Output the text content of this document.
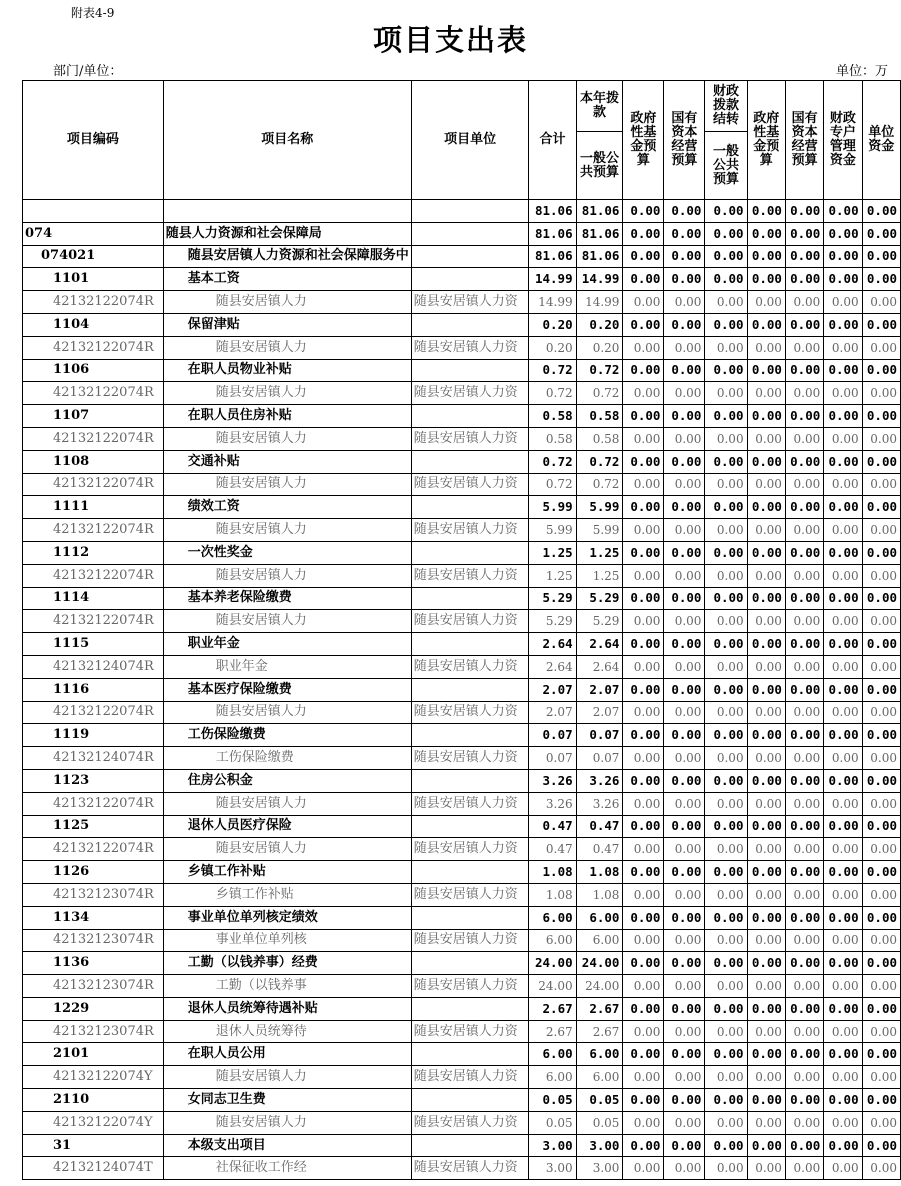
附表4-9
项目支出表
部门/单位：	单位：万
项目编码	项目名称	项目单位	合计	本年拨款	政府性基金预算	国有资本经营预算	财政拨款结转	政府性基金预算	国有资本经营预算	财政专户管理资金	单位资金
				一般公共预算			一般公共预算				

			81.06	81.06	0.00	0.00	0.00	0.00	0.00	0.00	0.00
074	随县人力资源和社会保障局		81.06	81.06	0.00	0.00	0.00	0.00	0.00	0.00	0.00
074021	随县安居镇人力资源和社会保障服务中		81.06	81.06	0.00	0.00	0.00	0.00	0.00	0.00	0.00
1101	基本工资		14.99	14.99	0.00	0.00	0.00	0.00	0.00	0.00	0.00
42132122074R	随县安居镇人力	随县安居镇人力资	14.99	14.99	0.00	0.00	0.00	0.00	0.00	0.00	0.00
1104	保留津贴		0.20	0.20	0.00	0.00	0.00	0.00	0.00	0.00	0.00
42132122074R	随县安居镇人力	随县安居镇人力资	0.20	0.20	0.00	0.00	0.00	0.00	0.00	0.00	0.00
1106	在职人员物业补贴		0.72	0.72	0.00	0.00	0.00	0.00	0.00	0.00	0.00
42132122074R	随县安居镇人力	随县安居镇人力资	0.72	0.72	0.00	0.00	0.00	0.00	0.00	0.00	0.00
1107	在职人员住房补贴		0.58	0.58	0.00	0.00	0.00	0.00	0.00	0.00	0.00
42132122074R	随县安居镇人力	随县安居镇人力资	0.58	0.58	0.00	0.00	0.00	0.00	0.00	0.00	0.00
1108	交通补贴		0.72	0.72	0.00	0.00	0.00	0.00	0.00	0.00	0.00
42132122074R	随县安居镇人力	随县安居镇人力资	0.72	0.72	0.00	0.00	0.00	0.00	0.00	0.00	0.00
1111	绩效工资		5.99	5.99	0.00	0.00	0.00	0.00	0.00	0.00	0.00
42132122074R	随县安居镇人力	随县安居镇人力资	5.99	5.99	0.00	0.00	0.00	0.00	0.00	0.00	0.00
1112	一次性奖金		1.25	1.25	0.00	0.00	0.00	0.00	0.00	0.00	0.00
42132122074R	随县安居镇人力	随县安居镇人力资	1.25	1.25	0.00	0.00	0.00	0.00	0.00	0.00	0.00
1114	基本养老保险缴费		5.29	5.29	0.00	0.00	0.00	0.00	0.00	0.00	0.00
42132122074R	随县安居镇人力	随县安居镇人力资	5.29	5.29	0.00	0.00	0.00	0.00	0.00	0.00	0.00
1115	职业年金		2.64	2.64	0.00	0.00	0.00	0.00	0.00	0.00	0.00
42132124074R	职业年金	随县安居镇人力资	2.64	2.64	0.00	0.00	0.00	0.00	0.00	0.00	0.00
1116	基本医疗保险缴费		2.07	2.07	0.00	0.00	0.00	0.00	0.00	0.00	0.00
42132122074R	随县安居镇人力	随县安居镇人力资	2.07	2.07	0.00	0.00	0.00	0.00	0.00	0.00	0.00
1119	工伤保险缴费		0.07	0.07	0.00	0.00	0.00	0.00	0.00	0.00	0.00
42132124074R	工伤保险缴费	随县安居镇人力资	0.07	0.07	0.00	0.00	0.00	0.00	0.00	0.00	0.00
1123	住房公积金		3.26	3.26	0.00	0.00	0.00	0.00	0.00	0.00	0.00
42132122074R	随县安居镇人力	随县安居镇人力资	3.26	3.26	0.00	0.00	0.00	0.00	0.00	0.00	0.00
1125	退休人员医疗保险		0.47	0.47	0.00	0.00	0.00	0.00	0.00	0.00	0.00
42132122074R	随县安居镇人力	随县安居镇人力资	0.47	0.47	0.00	0.00	0.00	0.00	0.00	0.00	0.00
1126	乡镇工作补贴		1.08	1.08	0.00	0.00	0.00	0.00	0.00	0.00	0.00
42132123074R	乡镇工作补贴	随县安居镇人力资	1.08	1.08	0.00	0.00	0.00	0.00	0.00	0.00	0.00
1134	事业单位单列核定绩效		6.00	6.00	0.00	0.00	0.00	0.00	0.00	0.00	0.00
42132123074R	事业单位单列核	随县安居镇人力资	6.00	6.00	0.00	0.00	0.00	0.00	0.00	0.00	0.00
1136	工勤（以钱养事）经费		24.00	24.00	0.00	0.00	0.00	0.00	0.00	0.00	0.00
42132123074R	工勤（以钱养事	随县安居镇人力资	24.00	24.00	0.00	0.00	0.00	0.00	0.00	0.00	0.00
1229	退休人员统筹待遇补贴		2.67	2.67	0.00	0.00	0.00	0.00	0.00	0.00	0.00
42132123074R	退休人员统筹待	随县安居镇人力资	2.67	2.67	0.00	0.00	0.00	0.00	0.00	0.00	0.00
2101	在职人员公用		6.00	6.00	0.00	0.00	0.00	0.00	0.00	0.00	0.00
42132122074Y	随县安居镇人力	随县安居镇人力资	6.00	6.00	0.00	0.00	0.00	0.00	0.00	0.00	0.00
2110	女同志卫生费		0.05	0.05	0.00	0.00	0.00	0.00	0.00	0.00	0.00
42132122074Y	随县安居镇人力	随县安居镇人力资	0.05	0.05	0.00	0.00	0.00	0.00	0.00	0.00	0.00
31	本级支出项目		3.00	3.00	0.00	0.00	0.00	0.00	0.00	0.00	0.00
42132124074T	社保征收工作经	随县安居镇人力资	3.00	3.00	0.00	0.00	0.00	0.00	0.00	0.00	0.00
